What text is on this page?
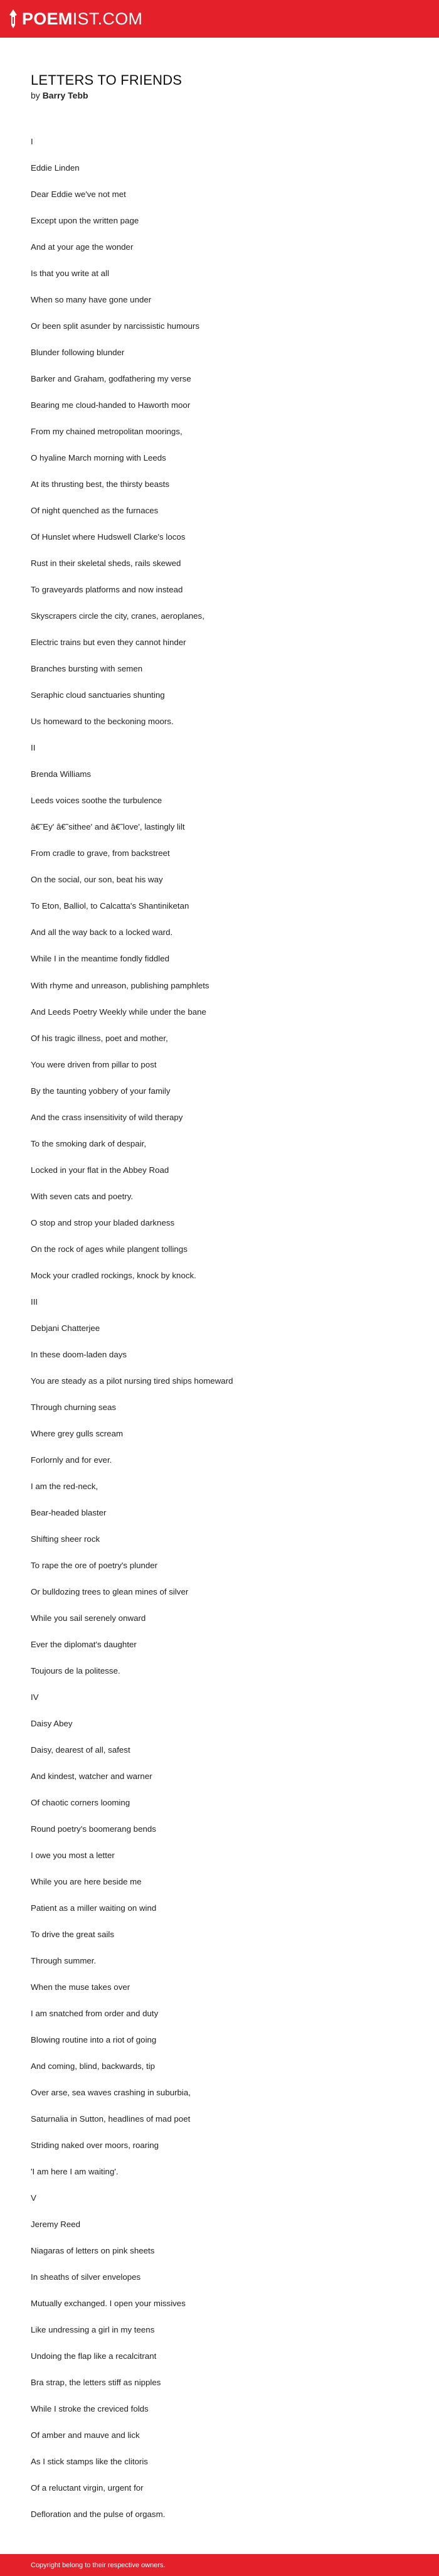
POEMIST.COM
LETTERS TO FRIENDS

by Barry Tebb

I
Eddie Linden
Dear Eddie we've not met
Except upon the written page
And at your age the wonder
Is that you write at all
When so many have gone under
Or been split asunder by narcissistic humours
Blunder following blunder
Barker and Graham, godfathering my verse
Bearing me cloud-handed to Haworth moor
From my chained metropolitan moorings,
O hyaline March morning with Leeds
At its thrusting best, the thirsty beasts
Of night quenched as the furnaces
Of Hunslet where Hudswell Clarke's locos
Rust in their skeletal sheds, rails skewed
To graveyards platforms and now instead
Skyscrapers circle the city, cranes, aeroplanes,
Electric trains but even they cannot hinder
Branches bursting with semen
Seraphic cloud sanctuaries shunting
Us homeward to the beckoning moors.
II
Brenda Williams
Leeds voices soothe the turbulence
â€˜Ey' â€˜sithee' and â€˜love', lastingly lilt
From cradle to grave, from backstreet
On the social, our son, beat his way
To Eton, Balliol, to Calcatta's Shantiniketan
And all the way back to a locked ward.
While I in the meantime fondly fiddled
With rhyme and unreason, publishing pamphlets
And Leeds Poetry Weekly while under the bane
Of his tragic illness, poet and mother,
You were driven from pillar to post
By the taunting yobbery of your family
And the crass insensitivity of wild therapy
To the smoking dark of despair,
Locked in your flat in the Abbey Road
With seven cats and poetry.
O stop and strop your bladed darkness
On the rock of ages while plangent tollings
Mock your cradled rockings, knock by knock.
III
Debjani Chatterjee
In these doom-laden days
You are steady as a pilot nursing tired ships homeward
Through churning seas
Where grey gulls scream
Forlornly and for ever.
I am the red-neck,
Bear-headed blaster
Shifting sheer rock
To rape the ore of poetry's plunder
Or bulldozing trees to glean mines of silver
While you sail serenely onward
Ever the diplomat's daughter
Toujours de la politesse.
IV
Daisy Abey
Daisy, dearest of all, safest
And kindest, watcher and warner
Of chaotic corners looming
Round poetry's boomerang bends
I owe you most a letter
While you are here beside me
Patient as a miller waiting on wind
To drive the great sails
Through summer.
When the muse takes over
I am snatched from order and duty
Blowing routine into a riot of going
And coming, blind, backwards, tip
Over arse, sea waves crashing in suburbia,
Saturnalia in Sutton, headlines of mad poet
Striding naked over moors, roaring
'I am here I am waiting'.
V
Jeremy Reed
Niagaras of letters on pink sheets
In sheaths of silver envelopes
Mutually exchanged. I open your missives
Like undressing a girl in my teens
Undoing the flap like a recalcitrant
Bra strap, the letters stiff as nipples
While I stroke the creviced folds
Of amber and mauve and lick
As I stick stamps like the clitoris
Of a reluctant virgin, urgent for
Defloration and the pulse of orgasm.
Copyright belong to their respective owners.
